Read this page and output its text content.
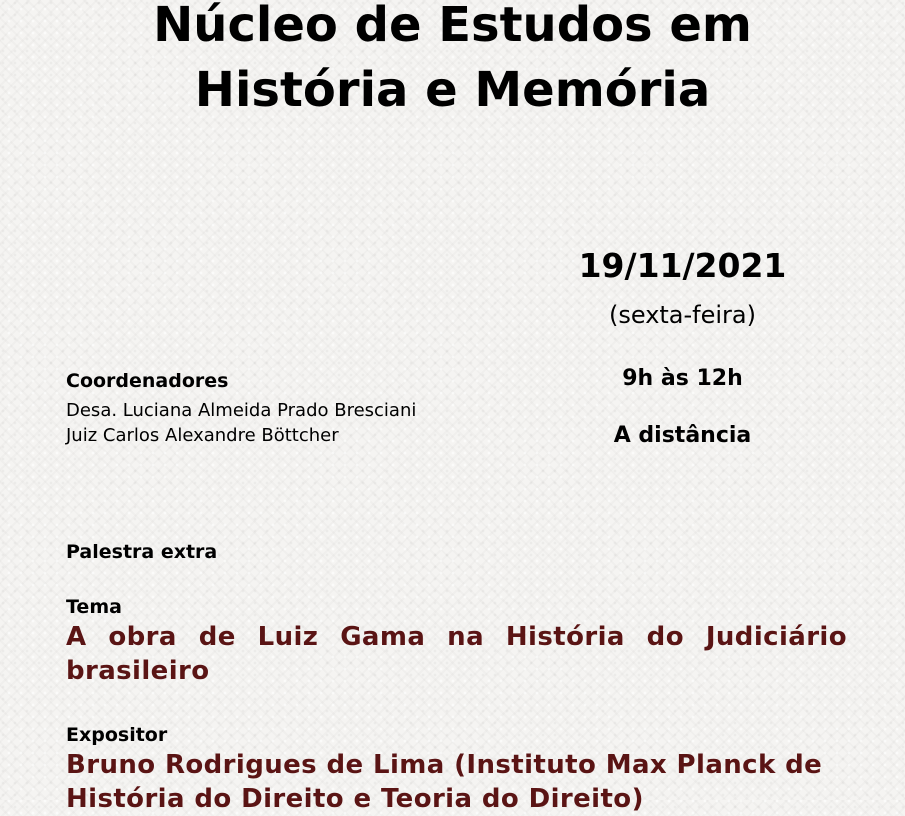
Núcleo de Estudos em
História e Memória
19/11/2021
(sexta-feira)
9h às 12h
A distância
Coordenadores
Desa. Luciana Almeida Prado Bresciani
Juiz Carlos Alexandre Böttcher
Palestra extra
Tema
A obra de Luiz Gama na História do Judiciário brasileiro
Expositor
Bruno Rodrigues de Lima (Instituto Max Planck de História do Direito e Teoria do Direito)
